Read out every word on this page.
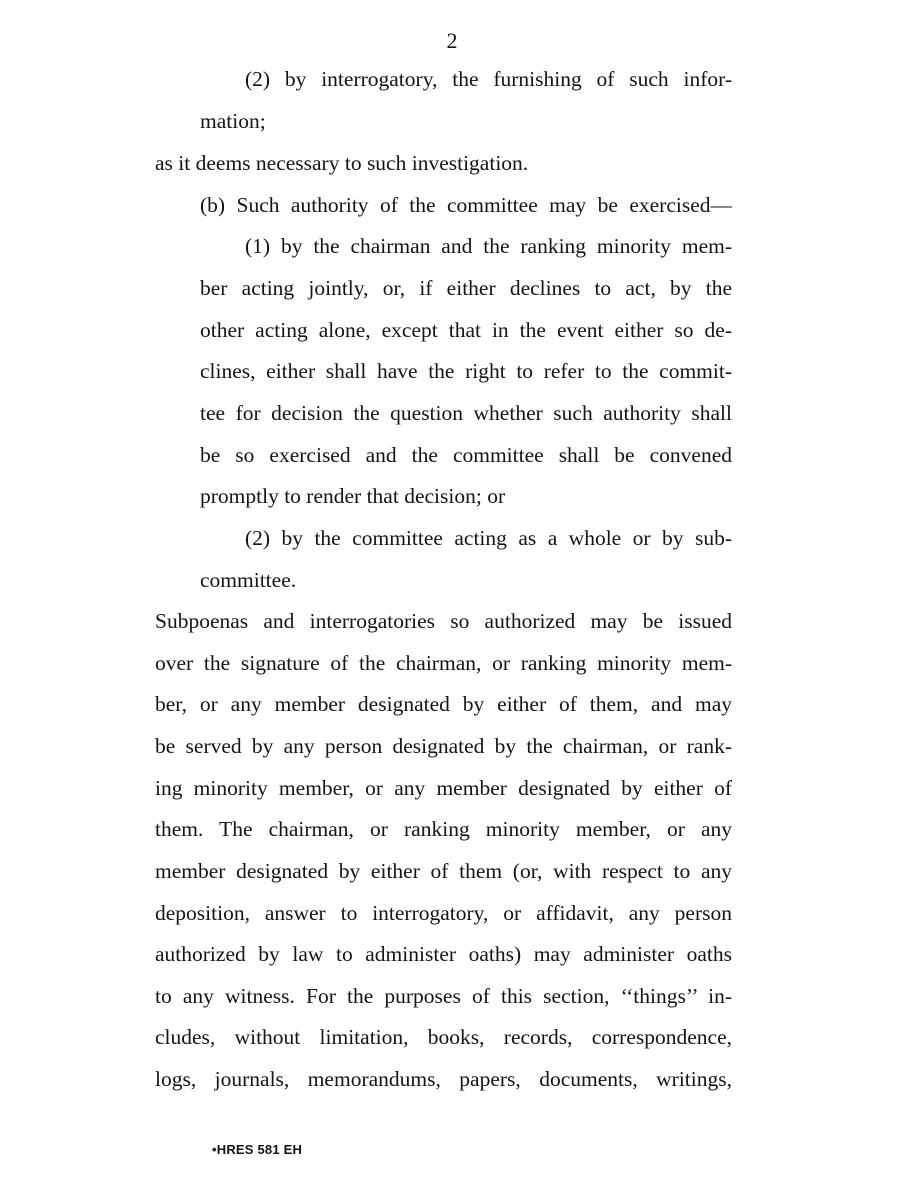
2
(2) by interrogatory, the furnishing of such infor-
mation;
as it deems necessary to such investigation.
(b) Such authority of the committee may be exercised—
(1) by the chairman and the ranking minority mem-
ber acting jointly, or, if either declines to act, by the
other acting alone, except that in the event either so de-
clines, either shall have the right to refer to the commit-
tee for decision the question whether such authority shall
be so exercised and the committee shall be convened
promptly to render that decision; or
(2) by the committee acting as a whole or by sub-
committee.
Subpoenas and interrogatories so authorized may be issued
over the signature of the chairman, or ranking minority mem-
ber, or any member designated by either of them, and may
be served by any person designated by the chairman, or rank-
ing minority member, or any member designated by either of
them. The chairman, or ranking minority member, or any
member designated by either of them (or, with respect to any
deposition, answer to interrogatory, or affidavit, any person
authorized by law to administer oaths) may administer oaths
to any witness. For the purposes of this section, ‘‘things’’ in-
cludes, without limitation, books, records, correspondence,
logs, journals, memorandums, papers, documents, writings,
•HRES 581 EH
